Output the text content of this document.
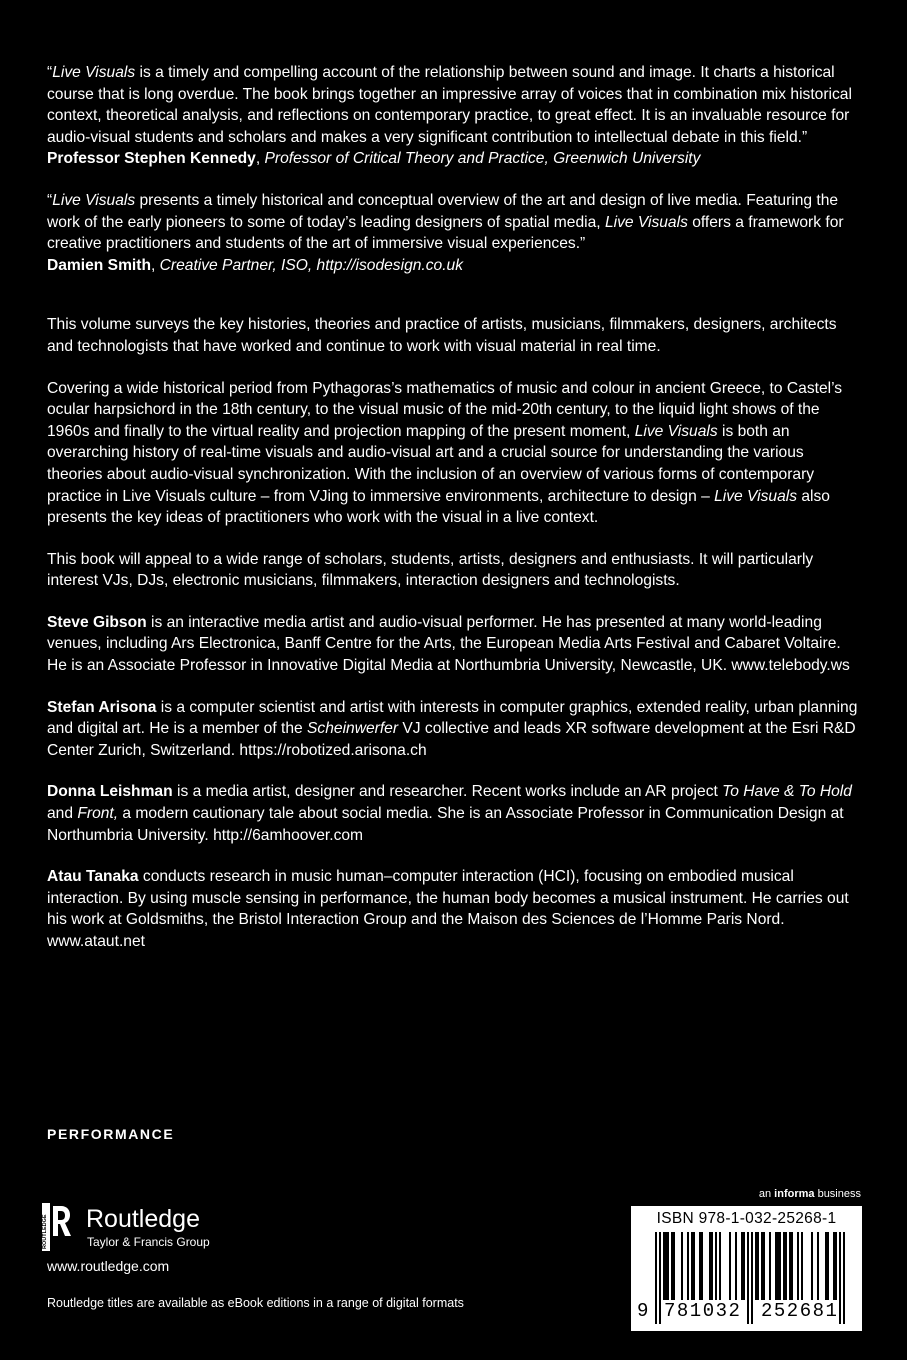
“Live Visuals is a timely and compelling account of the relationship between sound and image. It charts a historical course that is long overdue. The book brings together an impressive array of voices that in combination mix historical context, theoretical analysis, and reflections on contemporary practice, to great effect. It is an invaluable resource for audio-visual students and scholars and makes a very significant contribution to intellectual debate in this field.”
Professor Stephen Kennedy, Professor of Critical Theory and Practice, Greenwich University

“Live Visuals presents a timely historical and conceptual overview of the art and design of live media. Featuring the work of the early pioneers to some of today’s leading designers of spatial media, Live Visuals offers a framework for creative practitioners and students of the art of immersive visual experiences.”
Damien Smith, Creative Partner, ISO, http://isodesign.co.uk

This volume surveys the key histories, theories and practice of artists, musicians, filmmakers, designers, architects and technologists that have worked and continue to work with visual material in real time.

Covering a wide historical period from Pythagoras’s mathematics of music and colour in ancient Greece, to Castel’s ocular harpsichord in the 18th century, to the visual music of the mid-20th century, to the liquid light shows of the 1960s and finally to the virtual reality and projection mapping of the present moment, Live Visuals is both an overarching history of real-time visuals and audio-visual art and a crucial source for understanding the various theories about audio-visual synchronization. With the inclusion of an overview of various forms of contemporary practice in Live Visuals culture – from VJing to immersive environments, architecture to design – Live Visuals also presents the key ideas of practitioners who work with the visual in a live context.

This book will appeal to a wide range of scholars, students, artists, designers and enthusiasts. It will particularly interest VJs, DJs, electronic musicians, filmmakers, interaction designers and technologists.

Steve Gibson is an interactive media artist and audio-visual performer. He has presented at many world-leading venues, including Ars Electronica, Banff Centre for the Arts, the European Media Arts Festival and Cabaret Voltaire. He is an Associate Professor in Innovative Digital Media at Northumbria University, Newcastle, UK. www.telebody.ws

Stefan Arisona is a computer scientist and artist with interests in computer graphics, extended reality, urban planning and digital art. He is a member of the Scheinwerfer VJ collective and leads XR software development at the Esri R&D Center Zurich, Switzerland. https://robotized.arisona.ch

Donna Leishman is a media artist, designer and researcher. Recent works include an AR project To Have & To Hold and Front, a modern cautionary tale about social media. She is an Associate Professor in Communication Design at Northumbria University. http://6amhoover.com

Atau Tanaka conducts research in music human–computer interaction (HCI), focusing on embodied musical interaction. By using muscle sensing in performance, the human body becomes a musical instrument. He carries out his work at Goldsmiths, the Bristol Interaction Group and the Maison des Sciences de l’Homme Paris Nord. www.ataut.net

PERFORMANCE
ROUTLEDGE Routledge
Taylor & Francis Group
www.routledge.com
Routledge titles are available as eBook editions in a range of digital formats
an informa business
ISBN 978-1-032-25268-1
9 781032 252681
